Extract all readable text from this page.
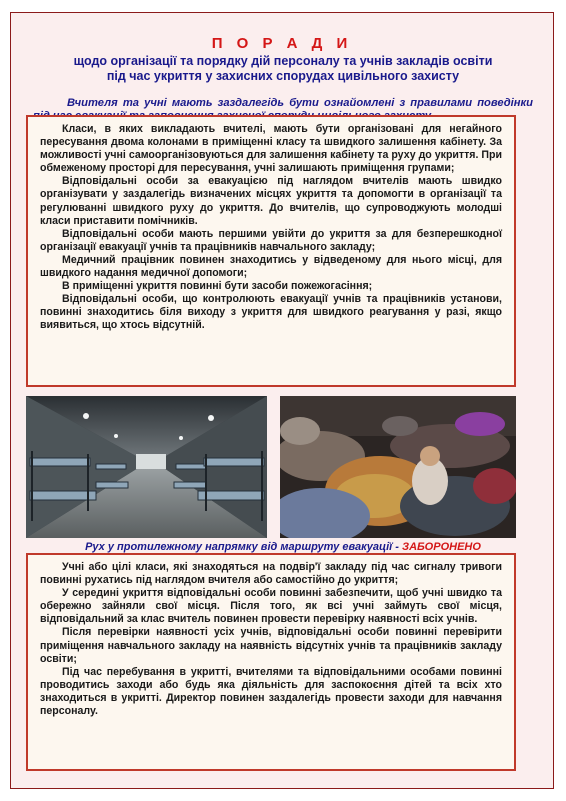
П О Р А Д И
щодо організації та порядку дій персоналу та учнів закладів освіти
під час укриття у захисних спорудах цивільного захисту
Вчителя та учні мають заздалегідь бути ознайомлені з правилами поведінки

Класи, в яких викладають вчителі, мають бути організовані для негайного пересування двома колонами в приміщенні класу та швидкого залишення кабінету. За можливості учні самоорганізовуються для залишення кабінету та руху до укриття. При обмеженому просторі для пересування, учні залишають приміщення групами;

Відповідальні особи за евакуацією під наглядом вчителів мають швидко організувати у заздалегідь визначених місцях укриття та допомогти в організації та регулюванні швидкого руху до укриття. До вчителів, що супроводжують молодші класи приставити помічників.

Відповідальні особи мають першими увійти до укриття за для безперешкодної організації евакуації учнів та працівників навчального закладу;

Медичний працівник повинен знаходитись у відведеному для нього місці, для швидкого надання медичної допомоги;

В приміщенні укриття повинні бути засоби пожежогасіння;

Відповідальні особи, що контролюють евакуації учнів та працівників установи, повинні знаходитись біля виходу з укриття для швидкого реагування у разі, якщо виявиться, що хтось відсутній.

Рух у протилежному напрямку від маршруту евакуації - ЗАБОРОНЕНО

Учні або цілі класи, які знаходяться на подвір'ї закладу під час сигналу тривоги повинні рухатись під наглядом вчителя або самостійно до укриття;

У середині укриття відповідальні особи повинні забезпечити, щоб учні швидко та обережно зайняли свої місця. Після того, як всі учні займуть свої місця, відповідальний за клас вчитель повинен провести перевірку наявності всіх учнів.

Після перевірки наявності усіх учнів, відповідальні особи повинні перевірити приміщення навчального закладу на наявність відсутніх учнів та працівників закладу освіти;

Під час перебування в укритті, вчителями та відповідальними особами повинні проводитись заходи або будь яка діяльність для заспокоєння дітей та всіх хто знаходиться в укритті. Директор повинен заздалегідь провести заходи для навчання персоналу.
